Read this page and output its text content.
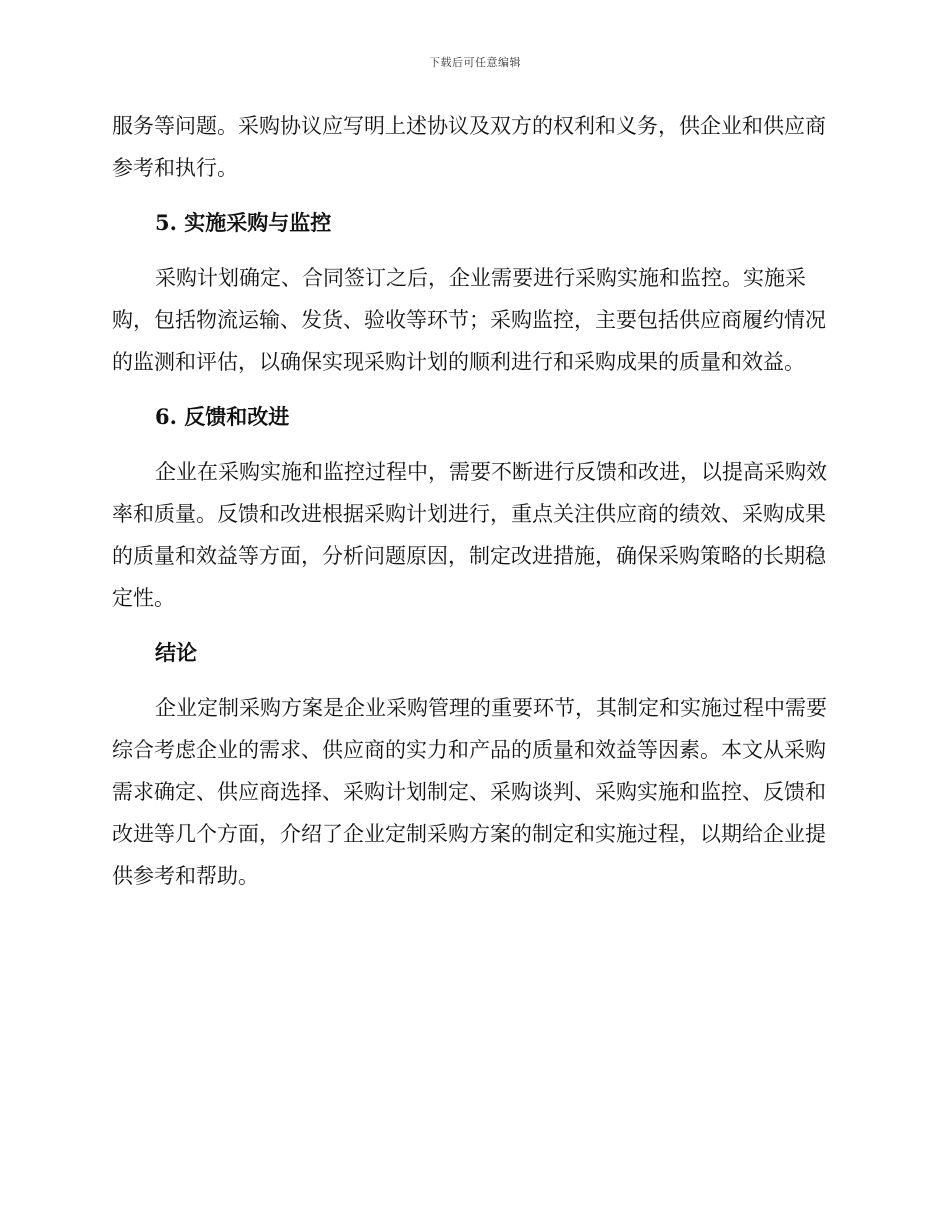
下载后可任意编辑

服务等问题。采购协议应写明上述协议及双方的权利和义务，供企业和供应商参考和执行。

5. 实施采购与监控

采购计划确定、合同签订之后，企业需要进行采购实施和监控。实施采购，包括物流运输、发货、验收等环节；采购监控，主要包括供应商履约情况的监测和评估，以确保实现采购计划的顺利进行和采购成果的质量和效益。

6. 反馈和改进

企业在采购实施和监控过程中，需要不断进行反馈和改进，以提高采购效率和质量。反馈和改进根据采购计划进行，重点关注供应商的绩效、采购成果的质量和效益等方面，分析问题原因，制定改进措施，确保采购策略的长期稳定性。

结论

企业定制采购方案是企业采购管理的重要环节，其制定和实施过程中需要综合考虑企业的需求、供应商的实力和产品的质量和效益等因素。本文从采购需求确定、供应商选择、采购计划制定、采购谈判、采购实施和监控、反馈和改进等几个方面，介绍了企业定制采购方案的制定和实施过程，以期给企业提供参考和帮助。
